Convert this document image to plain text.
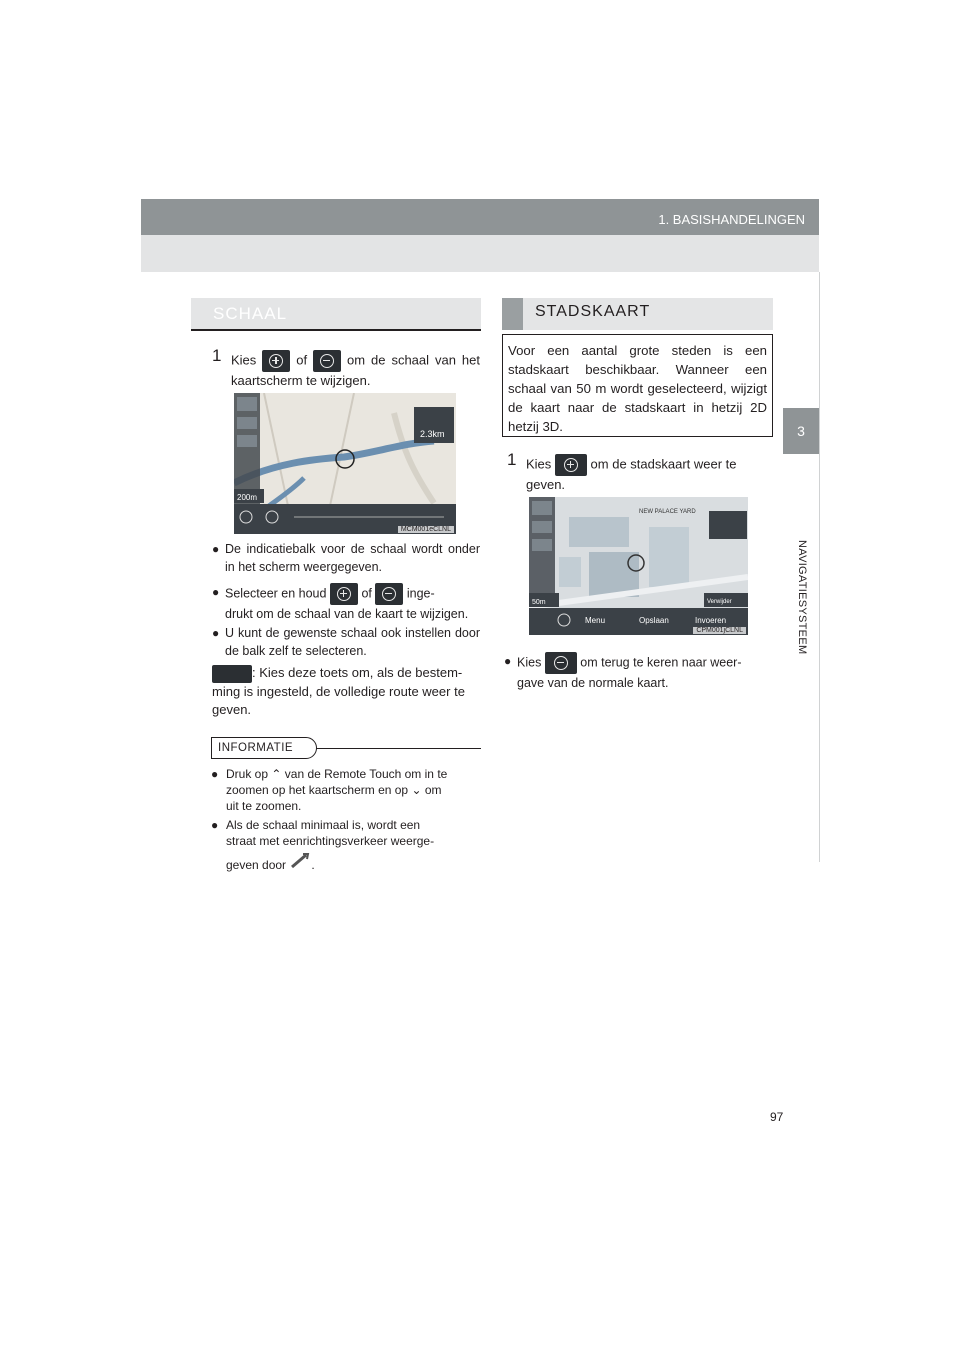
1. BASISHANDELINGEN
3
NAVIGATIESYSTEEM
SCHAAL
1 Kies	of	om de schaal van het kaartscherm te wijzigen.
2.3km
200m
MCM001eCLNL
● De indicatiebalk voor de schaal wordt onder in het scherm weergegeven.
● Selecteer en houd	of	inge-
drukt om de schaal van de kaart te wijzigen.
● U kunt de gewenste schaal ook instellen door de balk zelf te selecteren.
: Kies deze toets om, als de bestem-
ming is ingesteld, de volledige route weer te
geven.
INFORMATIE
● Druk op ⌃ van de Remote Touch om in te
zoomen op het kaartscherm en op ⌄ om
uit te zoomen.
● Als de schaal minimaal is, wordt een
straat met eenrichtingsverkeer weerge-
geven door .
STADSKAART
Voor een aantal grote steden is een stadskaart beschikbaar. Wanneer een schaal van 50 m wordt geselecteerd, wijzigt de kaart naar de stadskaart in hetzij 2D hetzij 3D.
1 Kies	om de stadskaart weer te
geven.
NEW PALACE YARD
50m	Verwijder
Menu	Opslaan	Invoeren
CPM001jCLNL
● Kies	om terug te keren naar weer-
gave van de normale kaart.
97
